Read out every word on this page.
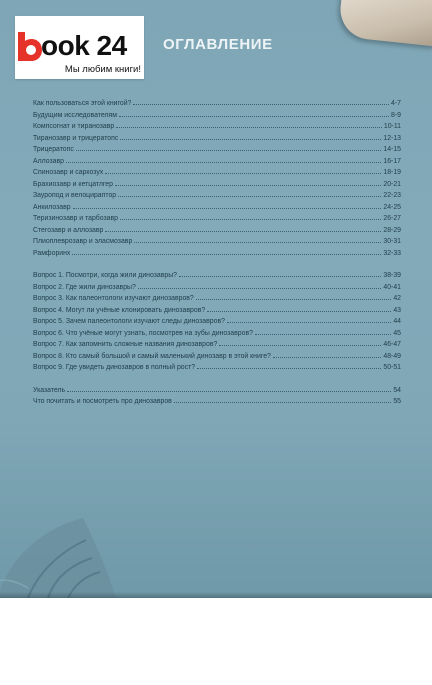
ook 24
Мы любим книги!
ОГЛАВЛЕНИЕ
Как пользоваться этой книгой?	4-7
Будущим исследователям	8-9
Компсогнат и тиранозавр	10-11
Тиранозавр и трицератопс	12-13
Трицератопс	14-15
Аллозавр	16-17
Спинозавр и саркозух	18-19
Брахиозавр и кетцатлгер	20-21
Зауропод и велоцираптор	22-23
Анкилозавр	24-25
Теризинозавр и тарбозавр	26-27
Стегозавр и аллозавр	28-29
Плиоплеврозавр и эласмозавр	30-31
Рамфоринх	32-33
Вопрос 1. Посмотри, когда жили динозавры?	38-39
Вопрос 2. Где жили динозавры?	40-41
Вопрос 3. Как палеонтологи изучают динозавров?	42
Вопрос 4. Могут ли учёные клонировать динозавров?	43
Вопрос 5. Зачем палеонтологи изучают следы динозавров?	44
Вопрос 6. Что учёные могут узнать, посмотрев на зубы динозавров?	45
Вопрос 7. Как запомнить сложные названия динозавров?	46-47
Вопрос 8. Кто самый большой и самый маленький динозавр в этой книге?	48-49
Вопрос 9. Где увидеть динозавров в полный рост?	50-51
Указатель	54
Что почитать и посмотреть про динозавров	55
